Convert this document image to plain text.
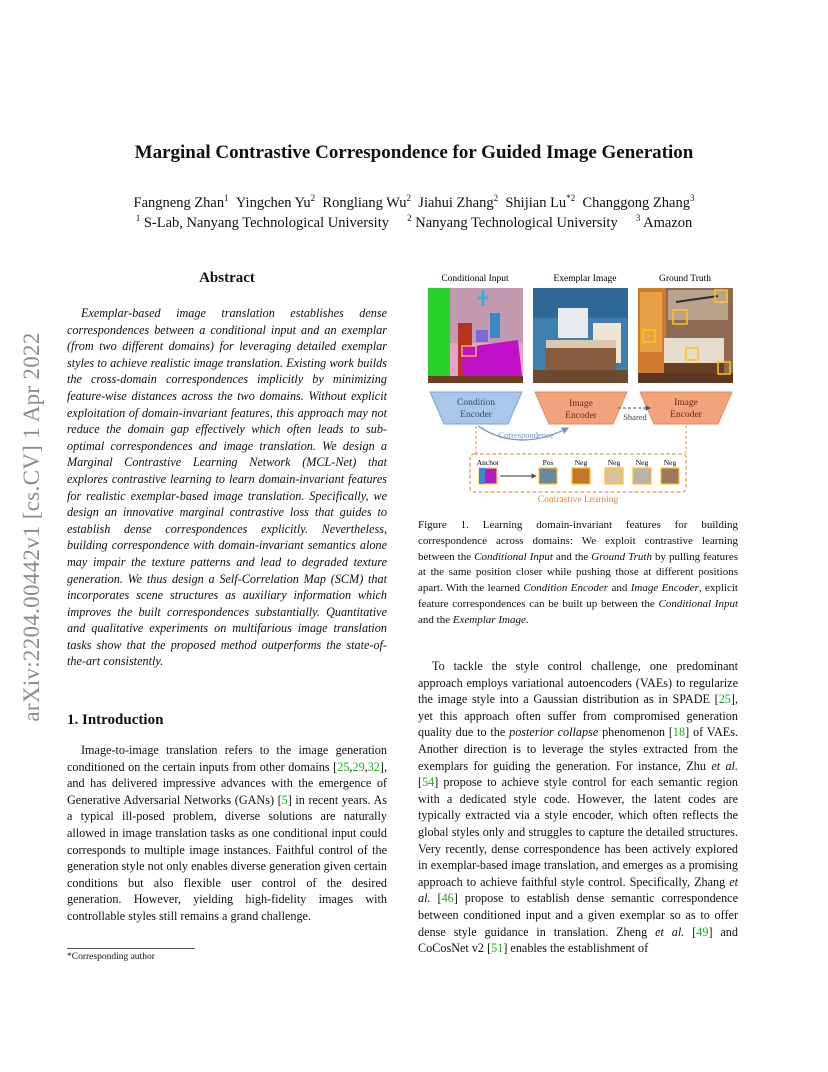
Marginal Contrastive Correspondence for Guided Image Generation
Fangneng Zhan$^1$ Yingchen Yu$^2$ Rongliang Wu$^2$ Jiahui Zhang$^2$ Shijian Lu$^{*2}$ Changgong Zhang$^3$
$^1$ S-Lab, Nanyang Technological University $^2$ Nanyang Technological University $^3$ Amazon
arXiv:2204.00442v1 [cs.CV] 1 Apr 2022
Abstract
Exemplar-based image translation establishes dense correspondences between a conditional input and an exemplar (from two different domains) for leveraging detailed exemplar styles to achieve realistic image translation. Existing work builds the cross-domain correspondences implicitly by minimizing feature-wise distances across the two domains. Without explicit exploitation of domain-invariant features, this approach may not reduce the domain gap effectively which often leads to sub-optimal correspondences and image translation. We design a Marginal Contrastive Learning Network (MCL-Net) that explores contrastive learning to learn domain-invariant features for realistic exemplar-based image translation. Specifically, we design an innovative marginal contrastive loss that guides to establish dense correspondences explicitly. Nevertheless, building correspondence with domain-invariant semantics alone may impair the texture patterns and lead to degraded texture generation. We thus design a Self-Correlation Map (SCM) that incorporates scene structures as auxiliary information which improves the built correspondences substantially. Quantitative and qualitative experiments on multifarious image translation tasks show that the proposed method outperforms the state-of-the-art consistently.
1. Introduction
Image-to-image translation refers to the image generation conditioned on the certain inputs from other domains [25,29,32], and has delivered impressive advances with the emergence of Generative Adversarial Networks (GANs) [5] in recent years. As a typical ill-posed problem, diverse solutions are naturally allowed in image translation tasks as one conditional input could corresponds to multiple image instances. Faithful control of the generation style not only enables diverse generation given certain conditions but also flexible user control of the desired generation. However, yielding high-fidelity images with controllable styles still remains a grand challenge.
*Corresponding author
Conditional Input	Exemplar Image	Ground Truth
Condition
Encoder
Image
Encoder
Image
Encoder
Shared
Correspondence
Anchor	Pos	Neg	Neg Neg Neg
Contrastive Learning
Figure 1. Learning domain-invariant features for building correspondence across domains: We exploit contrastive learning between the Conditional Input and the Ground Truth by pulling features at the same position closer while pushing those at different positions apart. With the learned Condition Encoder and Image Encoder, explicit feature correspondences can be built up between the Conditional Input and the Exemplar Image.
To tackle the style control challenge, one predominant approach employs variational autoencoders (VAEs) to regularize the image style into a Gaussian distribution as in SPADE [25], yet this approach often suffer from compromised generation quality due to the posterior collapse phenomenon [18] of VAEs. Another direction is to leverage the styles extracted from the exemplars for guiding the generation. For instance, Zhu et al. [54] propose to achieve style control for each semantic region with a dedicated style code. However, the latent codes are typically extracted via a style encoder, which often reflects the global styles only and struggles to capture the detailed structures. Very recently, dense correspondence has been actively explored in exemplar-based image translation, and emerges as a promising approach to achieve faithful style control. Specifically, Zhang et al. [46] propose to establish dense semantic correspondence between conditioned input and a given exemplar so as to offer dense style guidance in translation. Zheng et al. [49] and CoCosNet v2 [51] enables the establishment of
